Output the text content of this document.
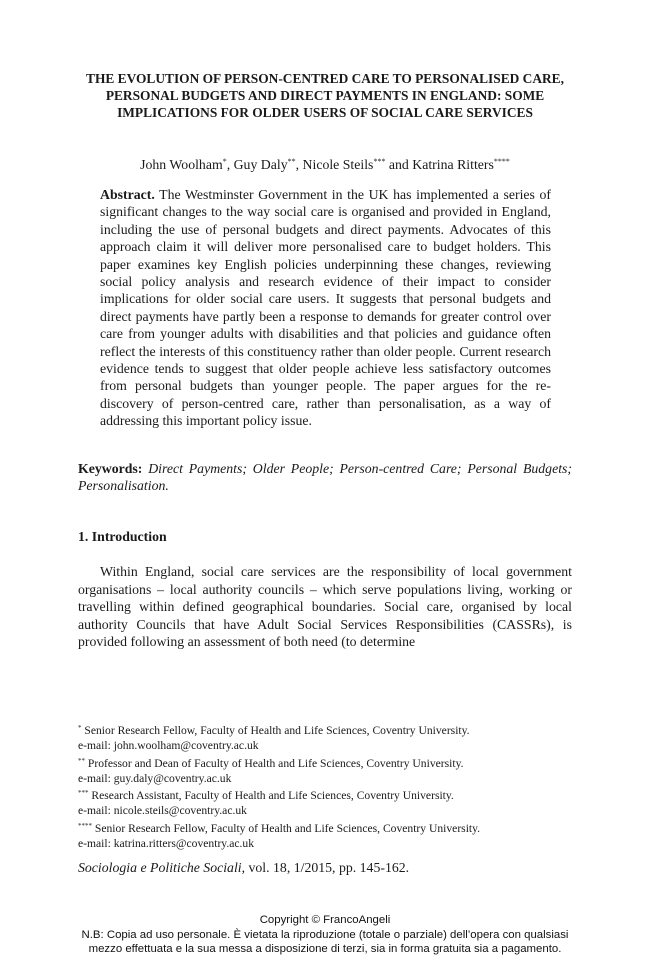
THE EVOLUTION OF PERSON-CENTRED CARE TO PERSONALISED CARE, PERSONAL BUDGETS AND DIRECT PAYMENTS IN ENGLAND: SOME IMPLICATIONS FOR OLDER USERS OF SOCIAL CARE SERVICES
John Woolham*, Guy Daly**, Nicole Steils*** and Katrina Ritters****
Abstract. The Westminster Government in the UK has implemented a series of significant changes to the way social care is organised and provided in England, including the use of personal budgets and direct payments. Advocates of this approach claim it will deliver more personalised care to budget holders. This paper examines key English policies underpinning these changes, reviewing social policy analysis and research evidence of their impact to consider implications for older social care users. It suggests that personal budgets and direct payments have partly been a response to demands for greater control over care from younger adults with disabilities and that policies and guidance often reflect the interests of this constituency rather than older people. Current research evidence tends to suggest that older people achieve less satisfactory outcomes from personal budgets than younger people. The paper argues for the re-discovery of person-centred care, rather than personalisation, as a way of addressing this important policy issue.
Keywords: Direct Payments; Older People; Person-centred Care; Personal Budgets; Personalisation.
1. Introduction
Within England, social care services are the responsibility of local government organisations – local authority councils – which serve populations living, working or travelling within defined geographical boundaries. Social care, organised by local authority Councils that have Adult Social Services Responsibilities (CASSRs), is provided following an assessment of both need (to determine
* Senior Research Fellow, Faculty of Health and Life Sciences, Coventry University.
e-mail: john.woolham@coventry.ac.uk
** Professor and Dean of Faculty of Health and Life Sciences, Coventry University.
e-mail: guy.daly@coventry.ac.uk
*** Research Assistant, Faculty of Health and Life Sciences, Coventry University.
e-mail: nicole.steils@coventry.ac.uk
**** Senior Research Fellow, Faculty of Health and Life Sciences, Coventry University.
e-mail: katrina.ritters@coventry.ac.uk
Sociologia e Politiche Sociali, vol. 18, 1/2015, pp. 145-162.
Copyright © FrancoAngeli
N.B: Copia ad uso personale. È vietata la riproduzione (totale o parziale) dell’opera con qualsiasi
mezzo effettuata e la sua messa a disposizione di terzi, sia in forma gratuita sia a pagamento.
